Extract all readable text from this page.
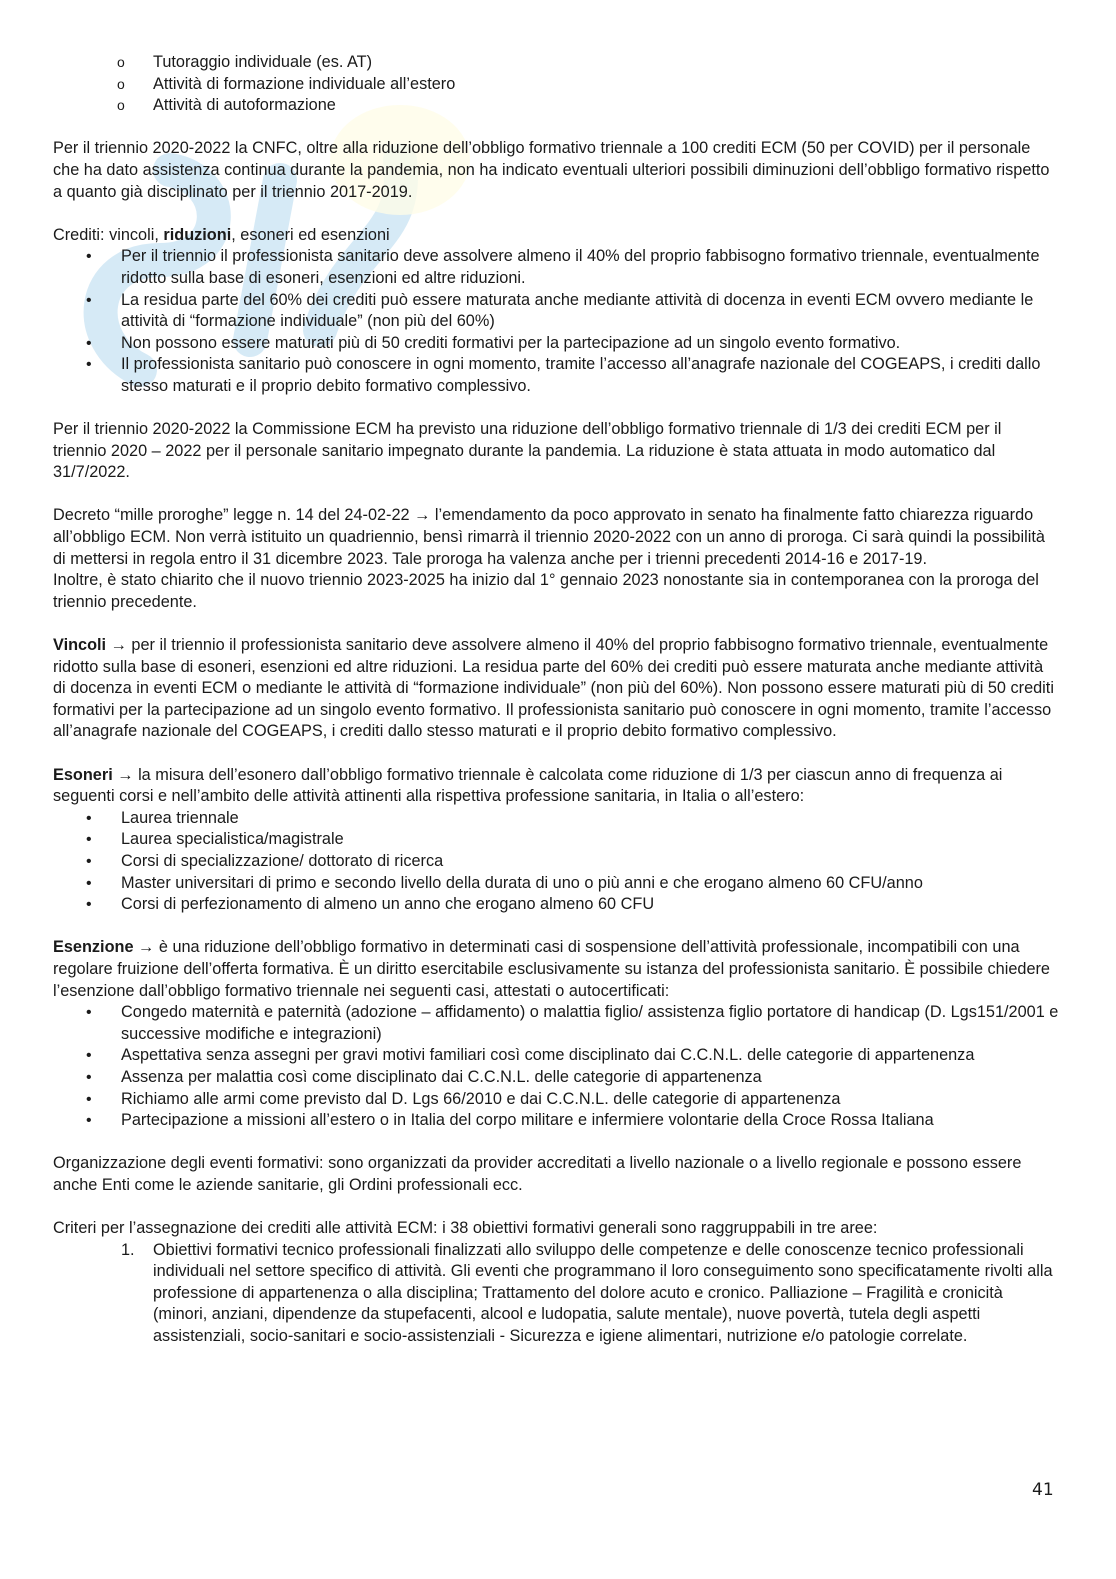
o Tutoraggio individuale (es. AT)
o Attività di formazione individuale all’estero
o Attività di autoformazione

Per il triennio 2020-2022 la CNFC, oltre alla riduzione dell’obbligo formativo triennale a 100 crediti ECM (50 per COVID) per il personale che ha dato assistenza continua durante la pandemia, non ha indicato eventuali ulteriori possibili diminuzioni dell’obbligo formativo rispetto a quanto già disciplinato per il triennio 2017-2019.

Crediti: vincoli, riduzioni, esoneri ed esenzioni

• Per il triennio il professionista sanitario deve assolvere almeno il 40% del proprio fabbisogno formativo triennale, eventualmente ridotto sulla base di esoneri, esenzioni ed altre riduzioni.
• La residua parte del 60% dei crediti può essere maturata anche mediante attività di docenza in eventi ECM ovvero mediante le attività di “formazione individuale” (non più del 60%)
• Non possono essere maturati più di 50 crediti formativi per la partecipazione ad un singolo evento formativo.
• Il professionista sanitario può conoscere in ogni momento, tramite l’accesso all’anagrafe nazionale del COGEAPS, i crediti dallo stesso maturati e il proprio debito formativo complessivo.

Per il triennio 2020-2022 la Commissione ECM ha previsto una riduzione dell’obbligo formativo triennale di 1/3 dei crediti ECM per il triennio 2020 – 2022 per il personale sanitario impegnato durante la pandemia. La riduzione è stata attuata in modo automatico dal 31/7/2022.

Decreto “mille proroghe” legge n. 14 del 24-02-22 → l’emendamento da poco approvato in senato ha finalmente fatto chiarezza riguardo all’obbligo ECM. Non verrà istituito un quadriennio, bensì rimarrà il triennio 2020-2022 con un anno di proroga. Ci sarà quindi la possibilità di mettersi in regola entro il 31 dicembre 2023. Tale proroga ha valenza anche per i trienni precedenti 2014-16 e 2017-19.

Inoltre, è stato chiarito che il nuovo triennio 2023-2025 ha inizio dal 1° gennaio 2023 nonostante sia in contemporanea con la proroga del triennio precedente.

Vincoli → per il triennio il professionista sanitario deve assolvere almeno il 40% del proprio fabbisogno formativo triennale, eventualmente ridotto sulla base di esoneri, esenzioni ed altre riduzioni. La residua parte del 60% dei crediti può essere maturata anche mediante attività di docenza in eventi ECM o mediante le attività di “formazione individuale” (non più del 60%). Non possono essere maturati più di 50 crediti formativi per la partecipazione ad un singolo evento formativo. Il professionista sanitario può conoscere in ogni momento, tramite l’accesso all’anagrafe nazionale del COGEAPS, i crediti dallo stesso maturati e il proprio debito formativo complessivo.

Esoneri → la misura dell’esonero dall’obbligo formativo triennale è calcolata come riduzione di 1/3 per ciascun anno di frequenza ai seguenti corsi e nell’ambito delle attività attinenti alla rispettiva professione sanitaria, in Italia o all’estero:

• Laurea triennale
• Laurea specialistica/magistrale
• Corsi di specializzazione/ dottorato di ricerca
• Master universitari di primo e secondo livello della durata di uno o più anni e che erogano almeno 60 CFU/anno
• Corsi di perfezionamento di almeno un anno che erogano almeno 60 CFU

Esenzione → è una riduzione dell’obbligo formativo in determinati casi di sospensione dell’attività professionale, incompatibili con una regolare fruizione dell’offerta formativa. È un diritto esercitabile esclusivamente su istanza del professionista sanitario. È possibile chiedere l’esenzione dall’obbligo formativo triennale nei seguenti casi, attestati o autocertificati:

• Congedo maternità e paternità (adozione – affidamento) o malattia figlio/ assistenza figlio portatore di handicap (D. Lgs151/2001 e successive modifiche e integrazioni)
• Aspettativa senza assegni per gravi motivi familiari così come disciplinato dai C.C.N.L. delle categorie di appartenenza
• Assenza per malattia così come disciplinato dai C.C.N.L. delle categorie di appartenenza
• Richiamo alle armi come previsto dal D. Lgs 66/2010 e dai C.C.N.L. delle categorie di appartenenza
• Partecipazione a missioni all’estero o in Italia del corpo militare e infermiere volontarie della Croce Rossa Italiana

Organizzazione degli eventi formativi: sono organizzati da provider accreditati a livello nazionale o a livello regionale e possono essere anche Enti come le aziende sanitarie, gli Ordini professionali ecc.

Criteri per l’assegnazione dei crediti alle attività ECM: i 38 obiettivi formativi generali sono raggruppabili in tre aree:

1. Obiettivi formativi tecnico professionali finalizzati allo sviluppo delle competenze e delle conoscenze tecnico professionali individuali nel settore specifico di attività. Gli eventi che programmano il loro conseguimento sono specificatamente rivolti alla professione di appartenenza o alla disciplina; Trattamento del dolore acuto e cronico. Palliazione – Fragilità e cronicità (minori, anziani, dipendenze da stupefacenti, alcool e ludopatia, salute mentale), nuove povertà, tutela degli aspetti assistenziali, socio-sanitari e socio-assistenziali - Sicurezza e igiene alimentari, nutrizione e/o patologie correlate.
41
